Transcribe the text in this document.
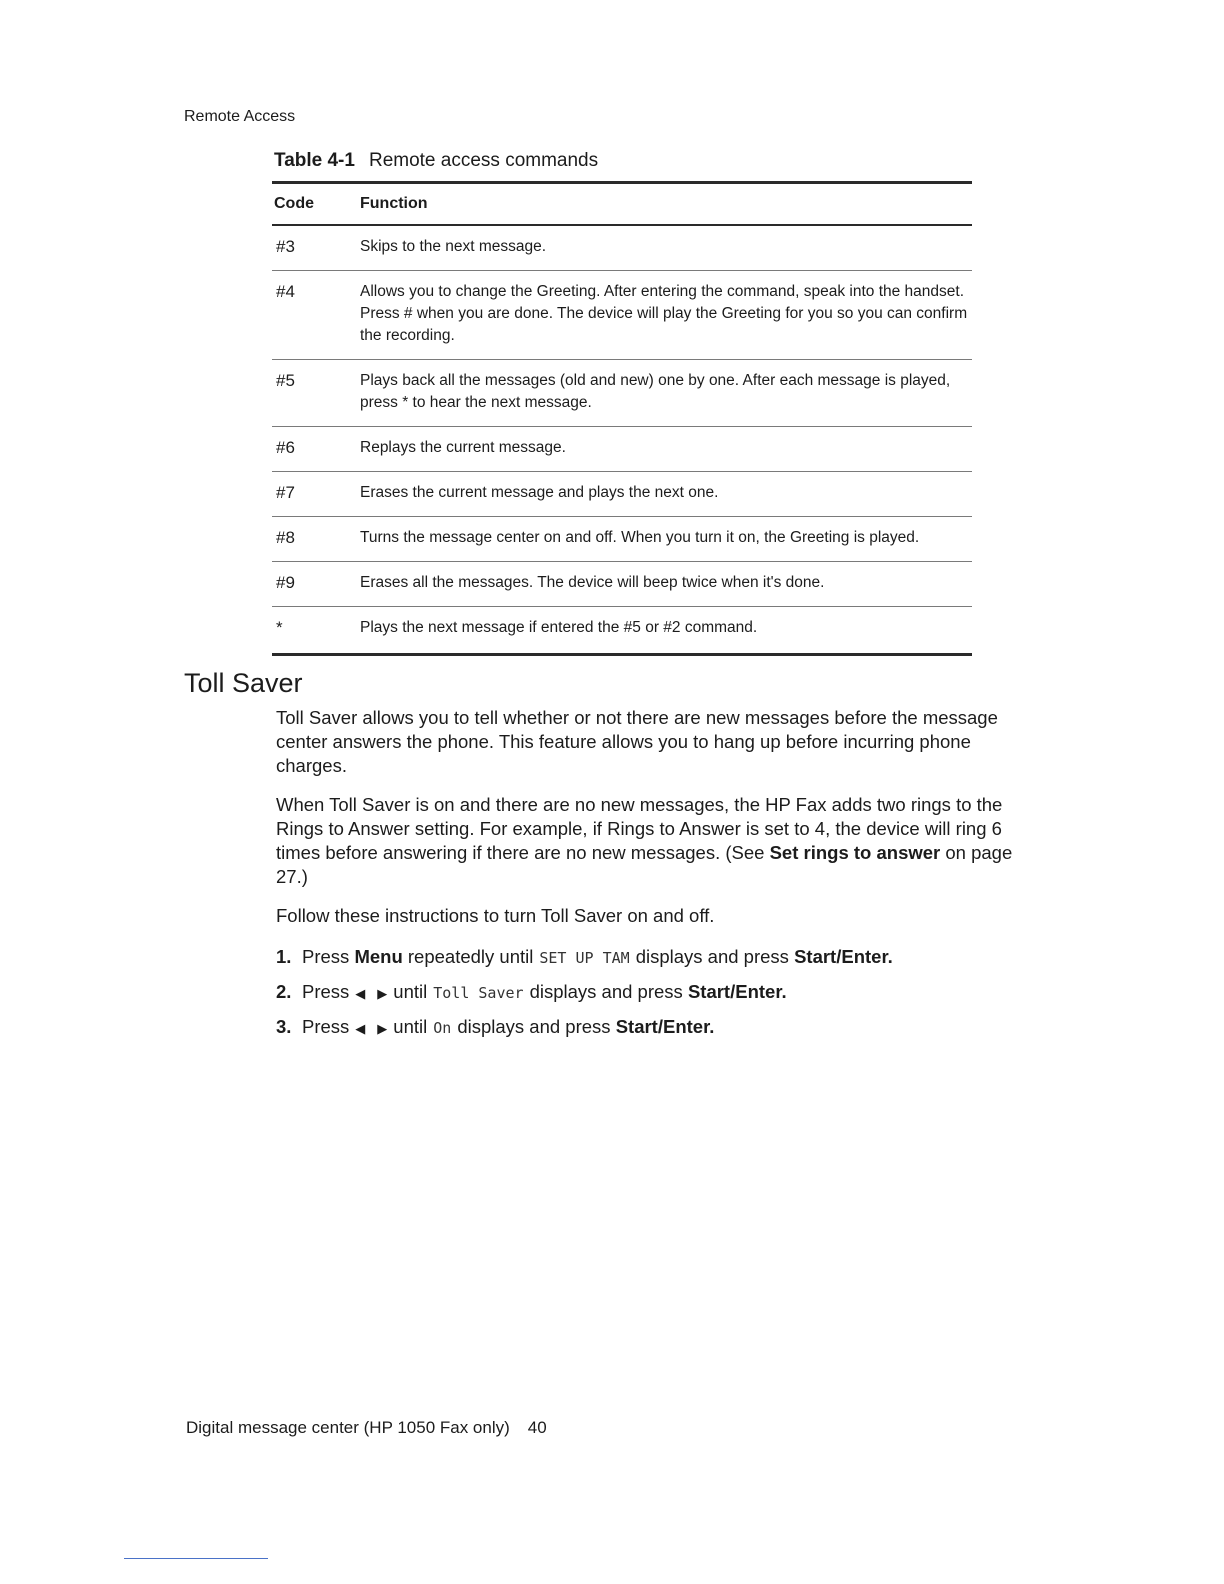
Remote Access
Table 4-1 Remote access commands
Code	Function
#3	Skips to the next message.
#4	Allows you to change the Greeting. After entering the command, speak into the handset. Press # when you are done. The device will play the Greeting for you so you can confirm the recording.
#5	Plays back all the messages (old and new) one by one. After each message is played, press * to hear the next message.
#6	Replays the current message.
#7	Erases the current message and plays the next one.
#8	Turns the message center on and off. When you turn it on, the Greeting is played.
#9	Erases all the messages. The device will beep twice when it's done.
*	Plays the next message if entered the #5 or #2 command.
Toll Saver

Toll Saver allows you to tell whether or not there are new messages before the message center answers the phone. This feature allows you to hang up before incurring phone charges.

When Toll Saver is on and there are no new messages, the HP Fax adds two rings to the Rings to Answer setting. For example, if Rings to Answer is set to 4, the device will ring 6 times before answering if there are no new messages. (See Set rings to answer on page 27.)

Follow these instructions to turn Toll Saver on and off.

1. Press Menu repeatedly until SET UP TAM displays and press Start/Enter.
2. Press ◀ ▶ until Toll Saver displays and press Start/Enter.
3. Press ◀ ▶ until On displays and press Start/Enter.
Digital message center (HP 1050 Fax only) 40
